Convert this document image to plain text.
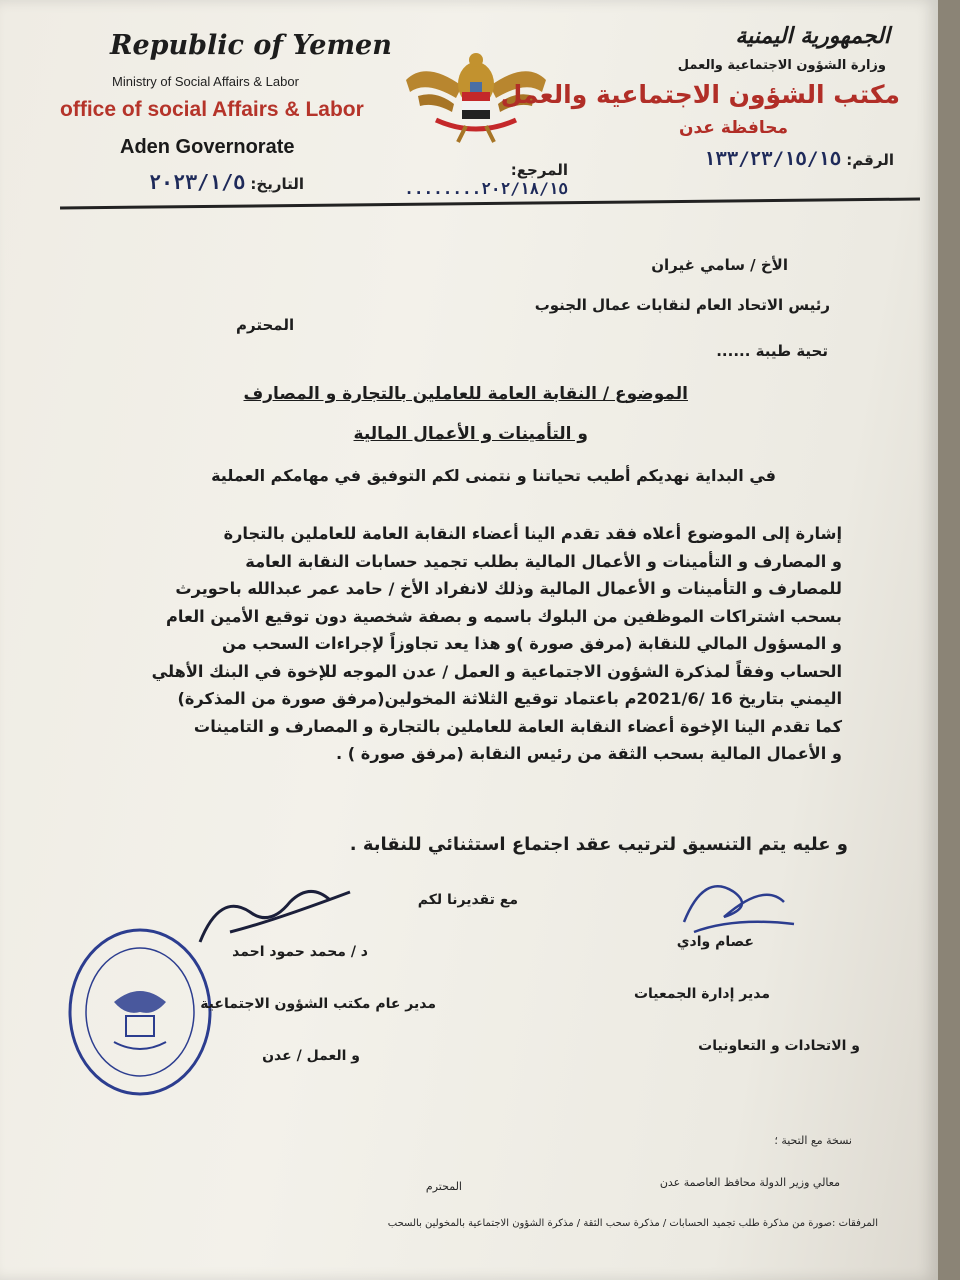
Republic of Yemen
Ministry of Social Affairs & Labor
office of social Affairs & Labor
Aden Governorate
الجمهورية اليمنية
وزارة الشؤون الاجتماعية والعمل
مكتب الشؤون الاجتماعية والعمل
محافظة عدن
الرقم: ١٣٣/٢٣/١٥/١٥
المرجع: ٢٠٢/١٨/١٥........
التاريخ: ٢٠٢٣/١/٥
الأخ / سامي غيران
رئيس الاتحاد العام لنقابات عمال الجنوب
المحترم
تحية طيبة ......
الموضوع / النقابة العامة للعاملين بالتجارة و المصارف
و التأمينات و الأعمال المالية
في البداية نهديكم أطيب تحياتنا و نتمنى لكم التوفيق في مهامكم العملية

إشارة إلى الموضوع أعلاه فقد تقدم الينا أعضاء النقابة العامة للعاملين بالتجارة

و المصارف و التأمينات و الأعمال المالية بطلب تجميد حسابات النقابة العامة

للمصارف و التأمينات و الأعمال المالية وذلك لانفراد الأخ / حامد عمر عبدالله باحويرث

بسحب اشتراكات الموظفين من البلوك باسمه و بصفة شخصية دون توقيع الأمين العام

و المسؤول المالي للنقابة (مرفق صورة )و هذا يعد تجاوزاً لإجراءات السحب من

الحساب وفقاً لمذكرة الشؤون الاجتماعية و العمل / عدن الموجه للإخوة في البنك الأهلي

اليمني بتاريخ 16 /2021/6م باعتماد توقيع الثلاثة المخولين(مرفق صورة من المذكرة)

كما تقدم الينا الإخوة أعضاء النقابة العامة للعاملين بالتجارة و المصارف و التامينات

و الأعمال المالية بسحب الثقة من رئيس النقابة (مرفق صورة ) .

و عليه يتم التنسيق لترتيب عقد اجتماع استثنائي للنقابة .
مع تقديرنا لكم
عصام وادي
مدير إدارة الجمعيات
و الاتحادات و التعاونيات
د / محمد حمود احمد
مدير عام مكتب الشؤون الاجتماعية
و العمل / عدن
نسخة مع التحية ؛
معالي وزير الدولة محافظ العاصمة عدن
المحترم
المرفقات :صورة من مذكرة طلب تجميد الحسابات / مذكرة سحب الثقة / مذكرة الشؤون الاجتماعية بالمخولين بالسحب
